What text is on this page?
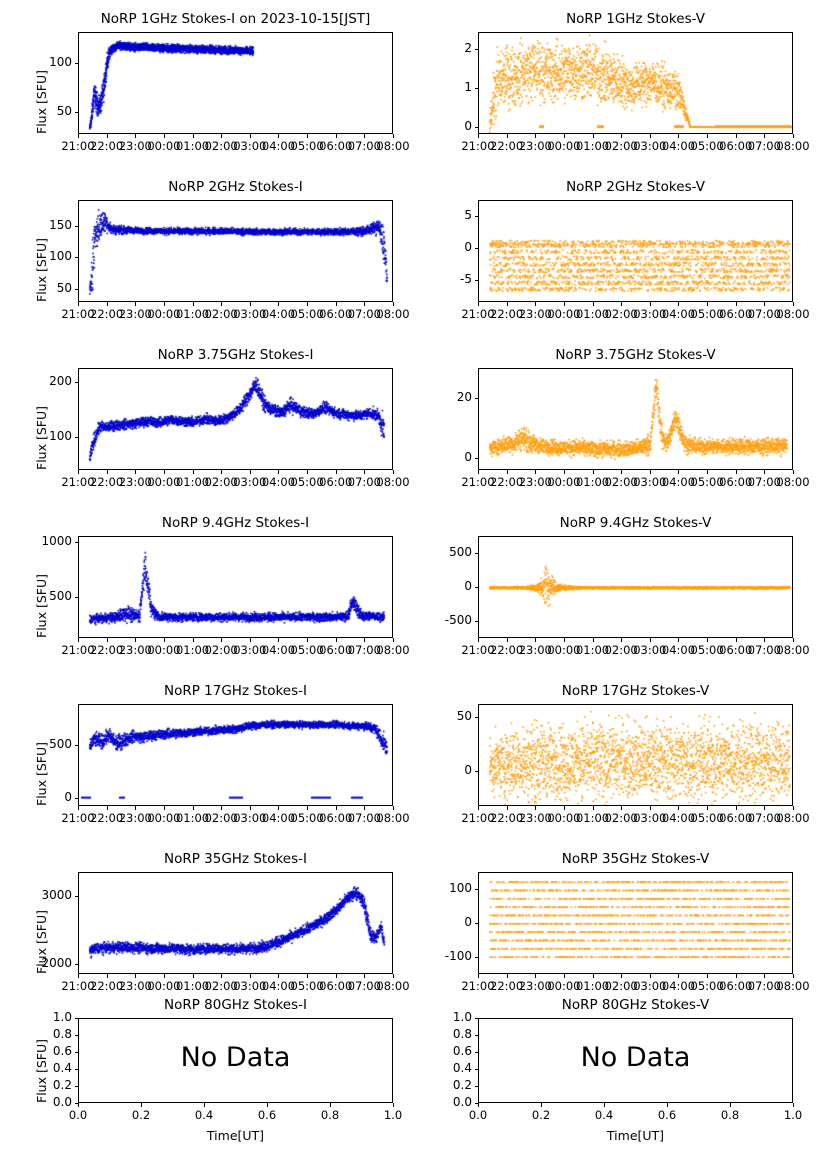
NoRP 1GHz Stokes-I on 2023-10-15[JST]
Flux [SFU] 50
100
21:00
22:00
23:00
00:00
01:00
02:00
03:00
04:00
05:00
06:00
07:00
08:00
NoRP 1GHz Stokes-V
0
1
2
21:00
22:00
23:00
00:00
01:00
02:00
03:00
04:00
05:00
06:00
07:00
08:00
NoRP 2GHz Stokes-I
Flux [SFU] 50
100
150
21:00
22:00
23:00
00:00
01:00
02:00
03:00
04:00
05:00
06:00
07:00
08:00
NoRP 2GHz Stokes-V
-5
0
5
21:00
22:00
23:00
00:00
01:00
02:00
03:00
04:00
05:00
06:00
07:00
08:00
NoRP 3.75GHz Stokes-I
Flux [SFU] 100
200
21:00
22:00
23:00
00:00
01:00
02:00
03:00
04:00
05:00
06:00
07:00
08:00
NoRP 3.75GHz Stokes-V
0
20
21:00
22:00
23:00
00:00
01:00
02:00
03:00
04:00
05:00
06:00
07:00
08:00
NoRP 9.4GHz Stokes-I
Flux [SFU] 500
1000
21:00
22:00
23:00
00:00
01:00
02:00
03:00
04:00
05:00
06:00
07:00
08:00
NoRP 9.4GHz Stokes-V
-500
0
500
21:00
22:00
23:00
00:00
01:00
02:00
03:00
04:00
05:00
06:00
07:00
08:00
NoRP 17GHz Stokes-I
Flux [SFU]	0
500
21:00
22:00
23:00
00:00
01:00
02:00
03:00
04:00
05:00
06:00
07:00
08:00
NoRP 17GHz Stokes-V
0
50
21:00
22:00
23:00
00:00
01:00
02:00
03:00
04:00
05:00
06:00
07:00
08:00
NoRP 35GHz Stokes-I
Flux [SFU]
2000
3000
21:00
22:00
23:00
00:00
01:00
02:00
03:00
04:00
05:00
06:00
07:00
08:00
NoRP 35GHz Stokes-V
-100
0
100
21:00
22:00
23:00
00:00
01:00
02:00
03:00
04:00
05:00
06:00
07:00
08:00
NoRP 80GHz Stokes-I
Flux [SFU] 0.0
0.2
0.4
0.6
0.8
1.0
0.0	0.2	0.4	0.6	0.8	1.0
No Data
Time[UT]
NoRP 80GHz Stokes-V
0.0
0.2
0.4
0.6
0.8
1.0
0.0	0.2	0.4	0.6	0.8	1.0
No Data
Time[UT]
